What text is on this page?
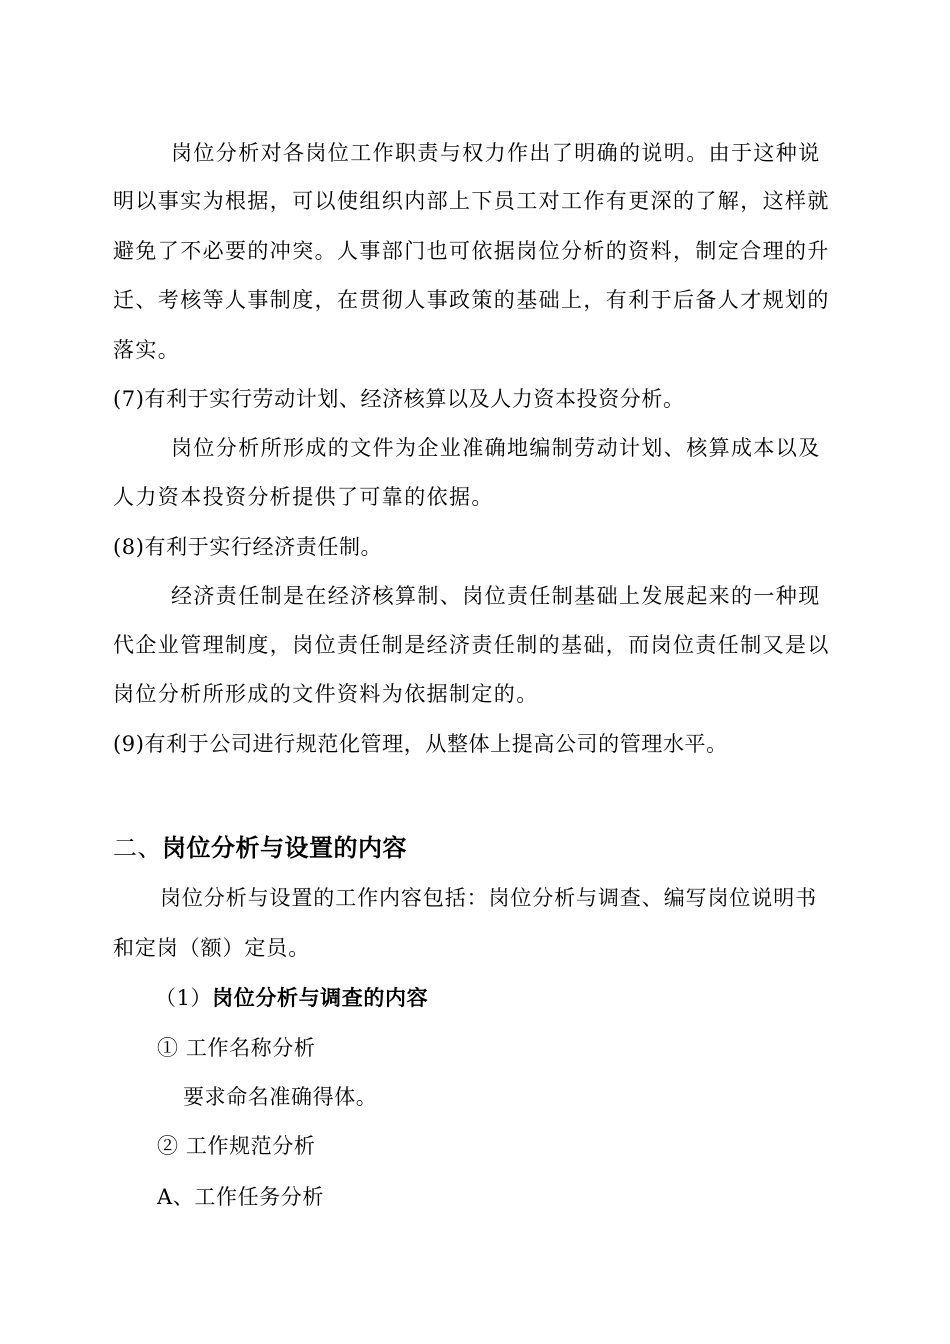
岗位分析对各岗位工作职责与权力作出了明确的说明。由于这种说
明以事实为根据，可以使组织内部上下员工对工作有更深的了解，这样就
避免了不必要的冲突。人事部门也可依据岗位分析的资料，制定合理的升
迁、考核等人事制度，在贯彻人事政策的基础上，有利于后备人才规划的
落实。
(7)有利于实行劳动计划、经济核算以及人力资本投资分析。
岗位分析所形成的文件为企业准确地编制劳动计划、核算成本以及
人力资本投资分析提供了可靠的依据。
(8)有利于实行经济责任制。
经济责任制是在经济核算制、岗位责任制基础上发展起来的一种现
代企业管理制度，岗位责任制是经济责任制的基础，而岗位责任制又是以
岗位分析所形成的文件资料为依据制定的。
(9)有利于公司进行规范化管理，从整体上提高公司的管理水平。
二、岗位分析与设置的内容
岗位分析与设置的工作内容包括：岗位分析与调查、编写岗位说明书
和定岗（额）定员。
（1）岗位分析与调查的内容
① 工作名称分析
要求命名准确得体。
② 工作规范分析
A、工作任务分析
